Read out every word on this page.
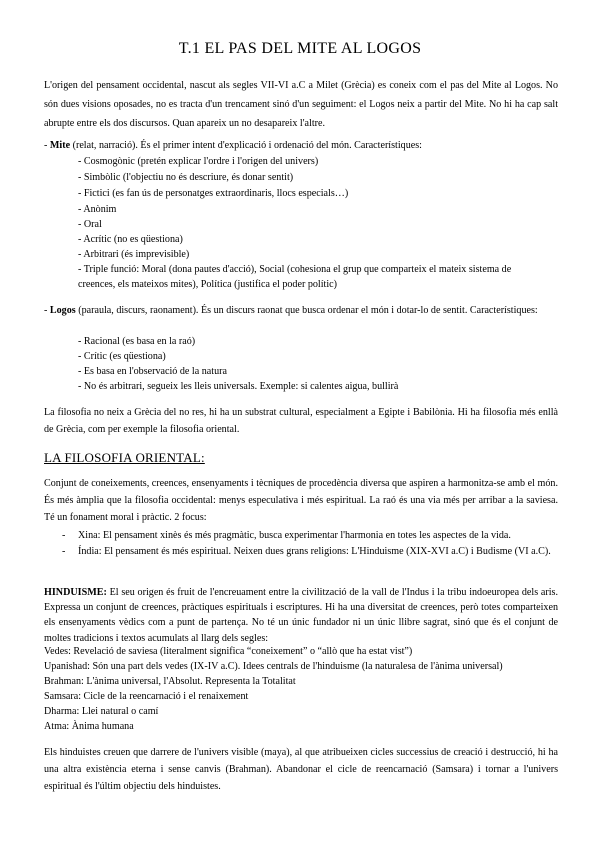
T.1 EL PAS DEL MITE AL LOGOS

L'origen del pensament occidental, nascut als segles VII-VI a.C a Milet (Grècia) es coneix com el pas del Mite al Logos. No són dues visions oposades, no es tracta d'un trencament sinó d'un seguiment: el Logos neix a partir del Mite. No hi ha cap salt abrupte entre els dos discursos. Quan apareix un no desapareix l'altre.

- Mite (relat, narració). És el primer intent d'explicació i ordenació del món. Característiques:
- Cosmogònic (pretén explicar l'ordre i l'origen del univers)
- Simbòlic (l'objectiu no és descriure, és donar sentit)
- Fictici (es fan ús de personatges extraordinaris, llocs especials…)
- Anònim
- Oral
- Acrític (no es qüestiona)
- Arbitrari (és imprevisible)
- Triple funció: Moral (dona pautes d'acció), Social (cohesiona el grup que comparteix el mateix sistema de
creences, els mateixos mites), Política (justifica el poder polític)
- Logos (paraula, discurs, raonament). És un discurs raonat que busca ordenar el món i dotar-lo de sentit. Característiques:
- Racional (es basa en la raó)
- Crític (es qüestiona)
- Es basa en l'observació de la natura
- No és arbitrari, segueix les lleis universals. Exemple: si calentes aigua, bullirà

La filosofia no neix a Grècia del no res, hi ha un substrat cultural, especialment a Egipte i Babilònia. Hi ha filosofia més enllà de Grècia, com per exemple la filosofia oriental.

LA FILOSOFIA ORIENTAL:

Conjunt de coneixements, creences, ensenyaments i tècniques de procedència diversa que aspiren a harmonitza-se amb el món. És més àmplia que la filosofia occidental: menys especulativa i més espiritual. La raó és una via més per arribar a la saviesa. Té un fonament moral i pràctic. 2 focus:

- Xina: El pensament xinès és més pragmàtic, busca experimentar l'harmonia en totes les aspectes de la vida.
- Índia: El pensament és més espiritual. Neixen dues grans religions: L'Hinduisme (XIX-XVI a.C) i Budisme (VI a.C).
HINDUISME: El seu origen és fruit de l'encreuament entre la civilització de la vall de l'Indus i la tribu indoeuropea dels aris. Expressa un conjunt de creences, pràctiques espirituals i escriptures. Hi ha una diversitat de creences, però totes comparteixen els ensenyaments vèdics com a punt de partença. No té un únic fundador ni un únic llibre sagrat, sinó que és el conjunt de moltes tradicions i textos acumulats al llarg dels segles:
Vedes: Revelació de saviesa (literalment significa “coneixement” o “allò que ha estat vist”)
Upanishad: Són una part dels vedes (IX-IV a.C). Idees centrals de l'hinduisme (la naturalesa de l'ànima universal)
Brahman: L'ànima universal, l'Absolut. Representa la Totalitat
Samsara: Cicle de la reencarnació i el renaixement
Dharma: Llei natural o camí
Atma: Ànima humana

Els hinduistes creuen que darrere de l'univers visible (maya), al que atribueixen cicles successius de creació i destrucció, hi ha una altra existència eterna i sense canvis (Brahman). Abandonar el cicle de reencarnació (Samsara) i tornar a l'univers espiritual és l'últim objectiu dels hinduistes.
